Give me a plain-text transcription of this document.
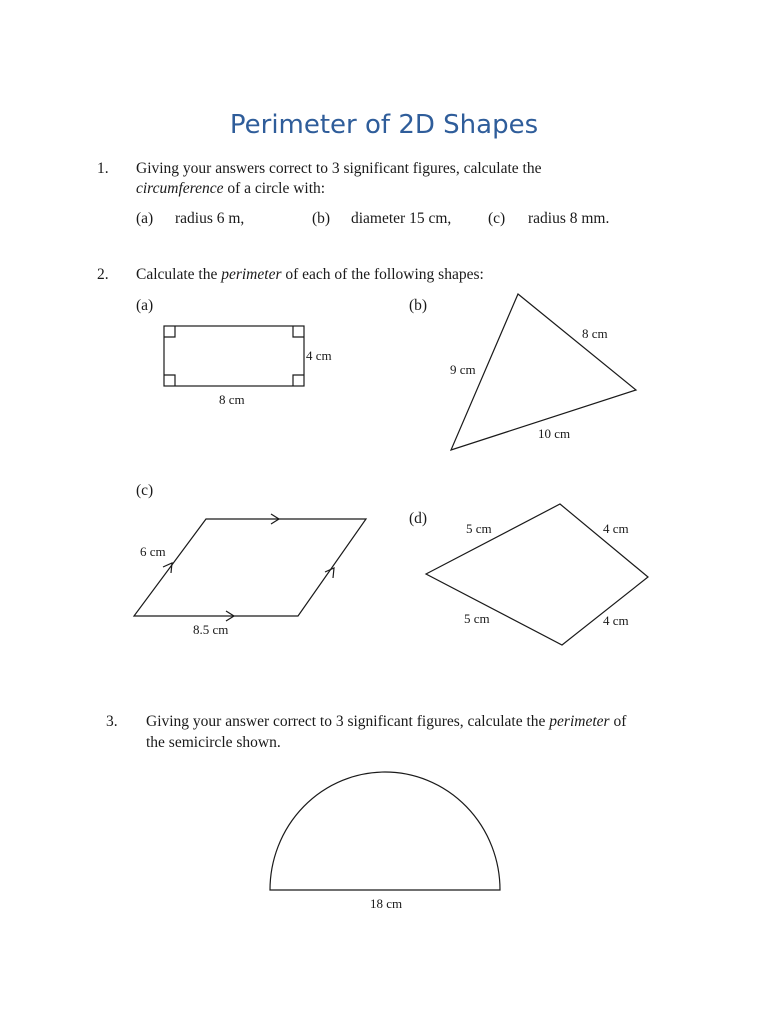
Perimeter of 2D Shapes
1. Giving your answers correct to 3 significant figures, calculate the
circumference of a circle with:
(a) radius 6 m,	(b) diameter 15 cm, (c) radius 8 mm.
2. Calculate the perimeter of each of the following shapes:
(a)	(b)
(c)
(d)
3. Giving your answer correct to 3 significant figures, calculate the perimeter of
the semicircle shown.
4 cm
8 cm
8 cm
9 cm
10 cm
6 cm
8.5 cm
5 cm	4 cm
5 cm	4 cm
18 cm
